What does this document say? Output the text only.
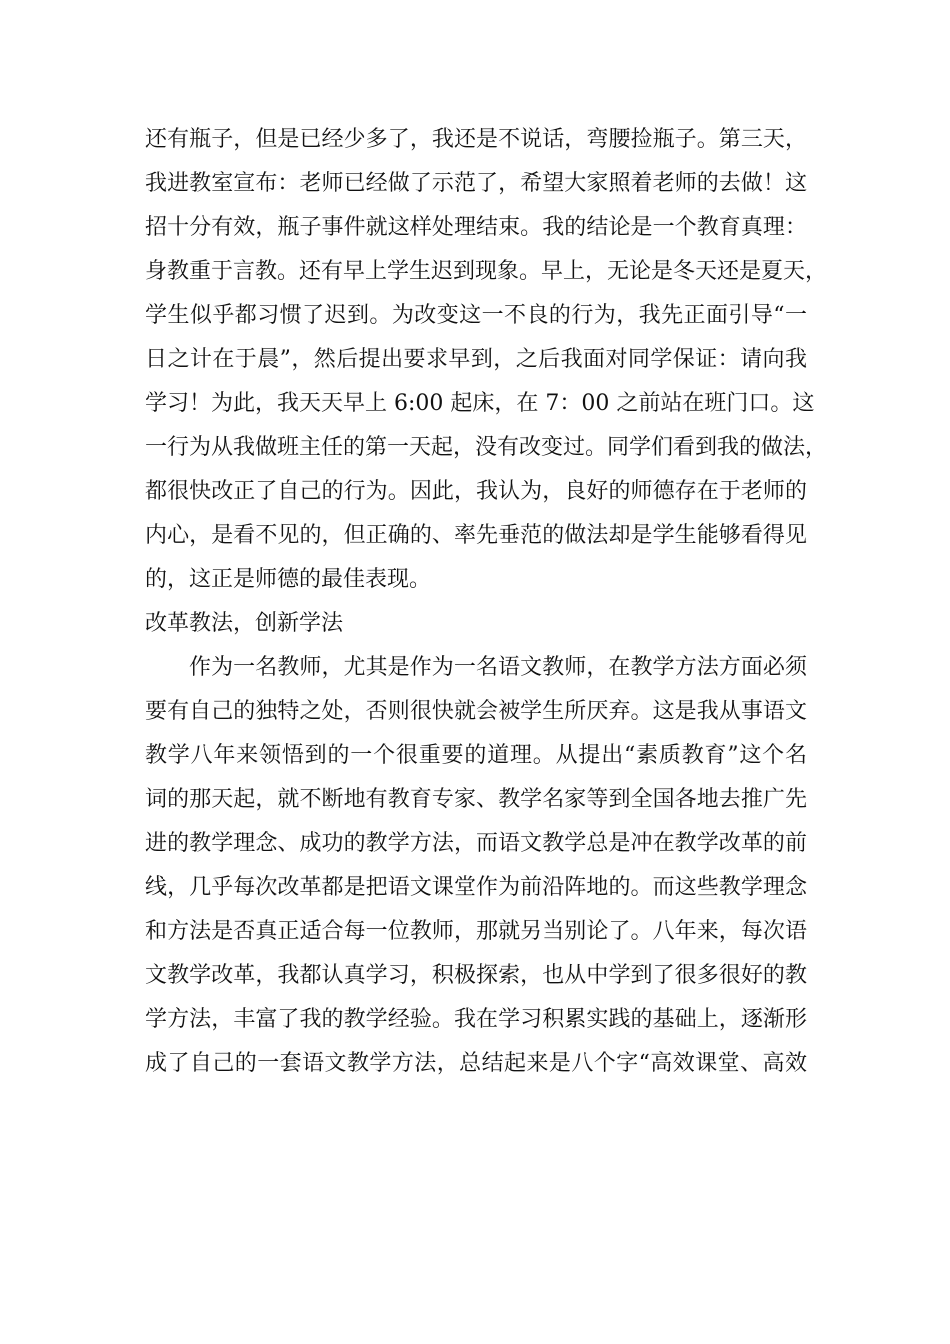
还有瓶子，但是已经少多了，我还是不说话，弯腰捡瓶子。第三天，
我进教室宣布：老师已经做了示范了，希望大家照着老师的去做！这
招十分有效，瓶子事件就这样处理结束。我的结论是一个教育真理：
身教重于言教。还有早上学生迟到现象。早上，无论是冬天还是夏天，
学生似乎都习惯了迟到。为改变这一不良的行为，我先正面引导“一
日之计在于晨”，然后提出要求早到，之后我面对同学保证：请向我
学习！为此，我天天早上 6:00 起床，在 7：00 之前站在班门口。这
一行为从我做班主任的第一天起，没有改变过。同学们看到我的做法，
都很快改正了自己的行为。因此，我认为，良好的师德存在于老师的
内心，是看不见的，但正确的、率先垂范的做法却是学生能够看得见
的，这正是师德的最佳表现。
改革教法，创新学法
作为一名教师，尤其是作为一名语文教师，在教学方法方面必须
要有自己的独特之处，否则很快就会被学生所厌弃。这是我从事语文
教学八年来领悟到的一个很重要的道理。从提出“素质教育”这个名
词的那天起，就不断地有教育专家、教学名家等到全国各地去推广先
进的教学理念、成功的教学方法，而语文教学总是冲在教学改革的前
线，几乎每次改革都是把语文课堂作为前沿阵地的。而这些教学理念
和方法是否真正适合每一位教师，那就另当别论了。八年来，每次语
文教学改革，我都认真学习，积极探索，也从中学到了很多很好的教
学方法，丰富了我的教学经验。我在学习积累实践的基础上，逐渐形
成了自己的一套语文教学方法，总结起来是八个字“高效课堂、高效
